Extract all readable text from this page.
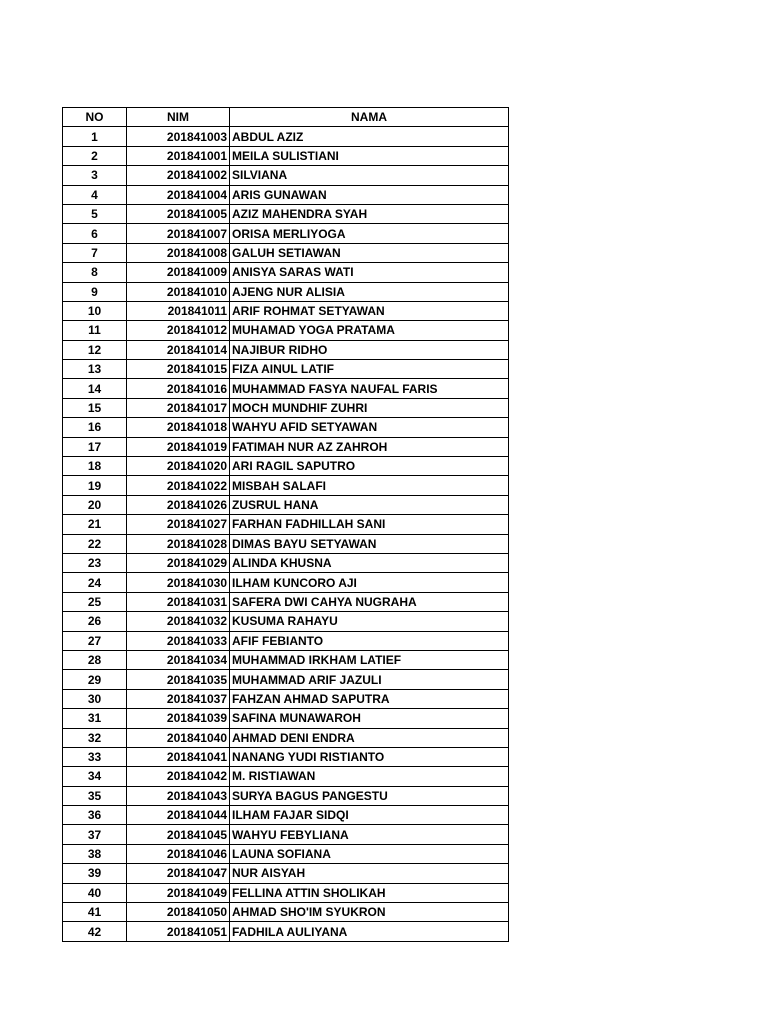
NO	NIM	NAMA
1	201841003	ABDUL AZIZ
2	201841001	MEILA SULISTIANI
3	201841002	SILVIANA
4	201841004	ARIS GUNAWAN
5	201841005	AZIZ MAHENDRA SYAH
6	201841007	ORISA MERLIYOGA
7	201841008	GALUH SETIAWAN
8	201841009	ANISYA SARAS WATI
9	201841010	AJENG NUR ALISIA
10	201841011	ARIF ROHMAT SETYAWAN
11	201841012	MUHAMAD YOGA PRATAMA
12	201841014	NAJIBUR RIDHO
13	201841015	FIZA AINUL LATIF
14	201841016	MUHAMMAD FASYA NAUFAL FARIS
15	201841017	MOCH MUNDHIF ZUHRI
16	201841018	WAHYU AFID SETYAWAN
17	201841019	FATIMAH NUR AZ ZAHROH
18	201841020	ARI RAGIL SAPUTRO
19	201841022	MISBAH SALAFI
20	201841026	ZUSRUL HANA
21	201841027	FARHAN FADHILLAH SANI
22	201841028	DIMAS BAYU SETYAWAN
23	201841029	ALINDA KHUSNA
24	201841030	ILHAM KUNCORO AJI
25	201841031	SAFERA DWI CAHYA NUGRAHA
26	201841032	KUSUMA RAHAYU
27	201841033	AFIF FEBIANTO
28	201841034	MUHAMMAD IRKHAM LATIEF
29	201841035	MUHAMMAD ARIF JAZULI
30	201841037	FAHZAN AHMAD SAPUTRA
31	201841039	SAFINA MUNAWAROH
32	201841040	AHMAD DENI ENDRA
33	201841041	NANANG YUDI RISTIANTO
34	201841042	M. RISTIAWAN
35	201841043	SURYA BAGUS PANGESTU
36	201841044	ILHAM FAJAR SIDQI
37	201841045	WAHYU FEBYLIANA
38	201841046	LAUNA SOFIANA
39	201841047	NUR AISYAH
40	201841049	FELLINA ATTIN SHOLIKAH
41	201841050	AHMAD SHO'IM SYUKRON
42	201841051	FADHILA AULIYANA
